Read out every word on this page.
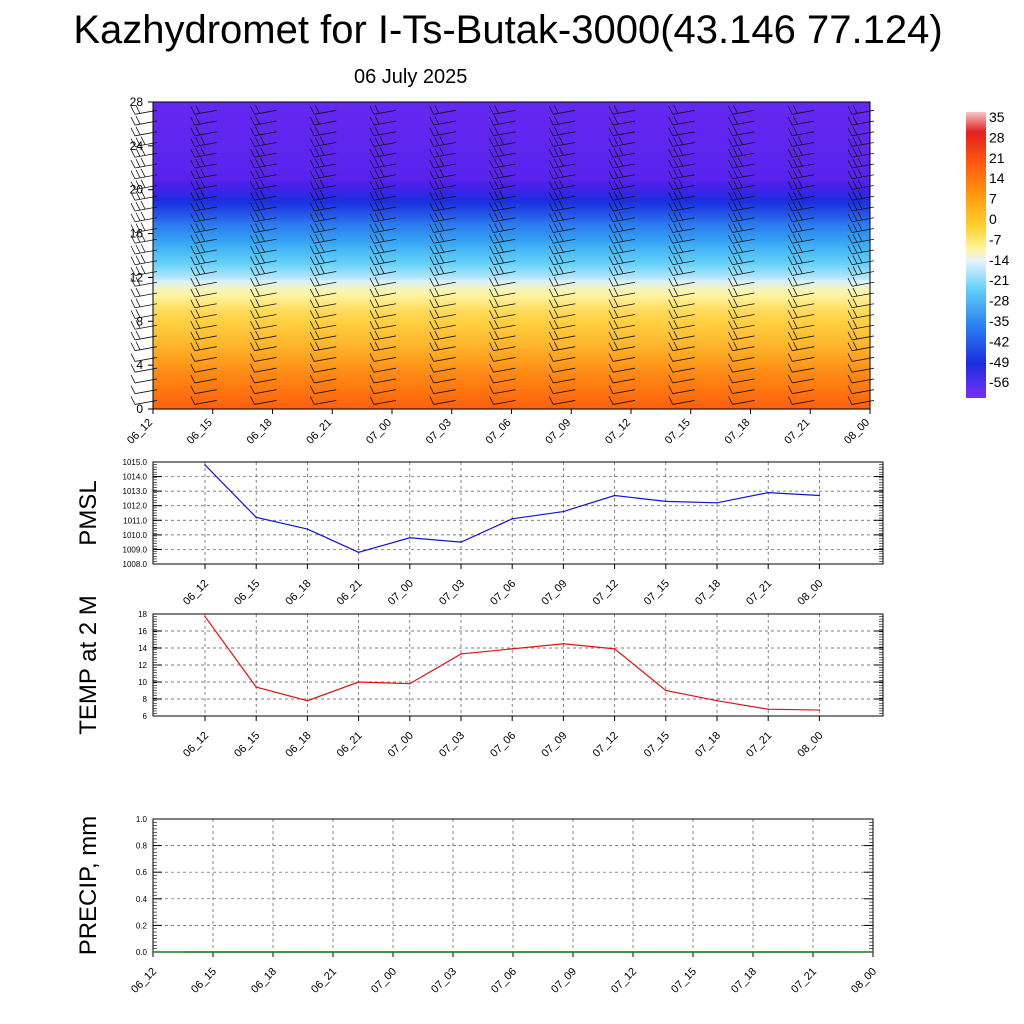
Kazhydromet for I-Ts-Butak-3000(43.146 77.124)
06 July 2025
0
4
8
12
16
20
24
28
06_12	06_15	06_18	06_21	07_00	07_03	07_06	07_09	07_12	07_15	07_18	07_21	08_00
35
28
21
14
7
0
-7
-14
-21
-28
-35
-42
-49
-56
1015.0
1014.0
1013.0
1012.0
1011.0
1010.0
1009.0
1008.0
06_12 06_15 06_18 06_21 07_00 07_03 07_06 07_09 07_12 07_15 07_18 07_21 08_00
PMSL
18
16
14
12
10
8
6
06_12 06_15 06_18 06_21 07_00 07_03 07_06 07_09 07_12 07_15 07_18 07_21 08_00
TEMP at 2 M
1.0
0.8
0.6
0.4
0.2
0.0
06_12	06_15	06_18	06_21	07_00	07_03	07_06	07_09	07_12	07_15	07_18	07_21	08_00
PRECIP, mm
